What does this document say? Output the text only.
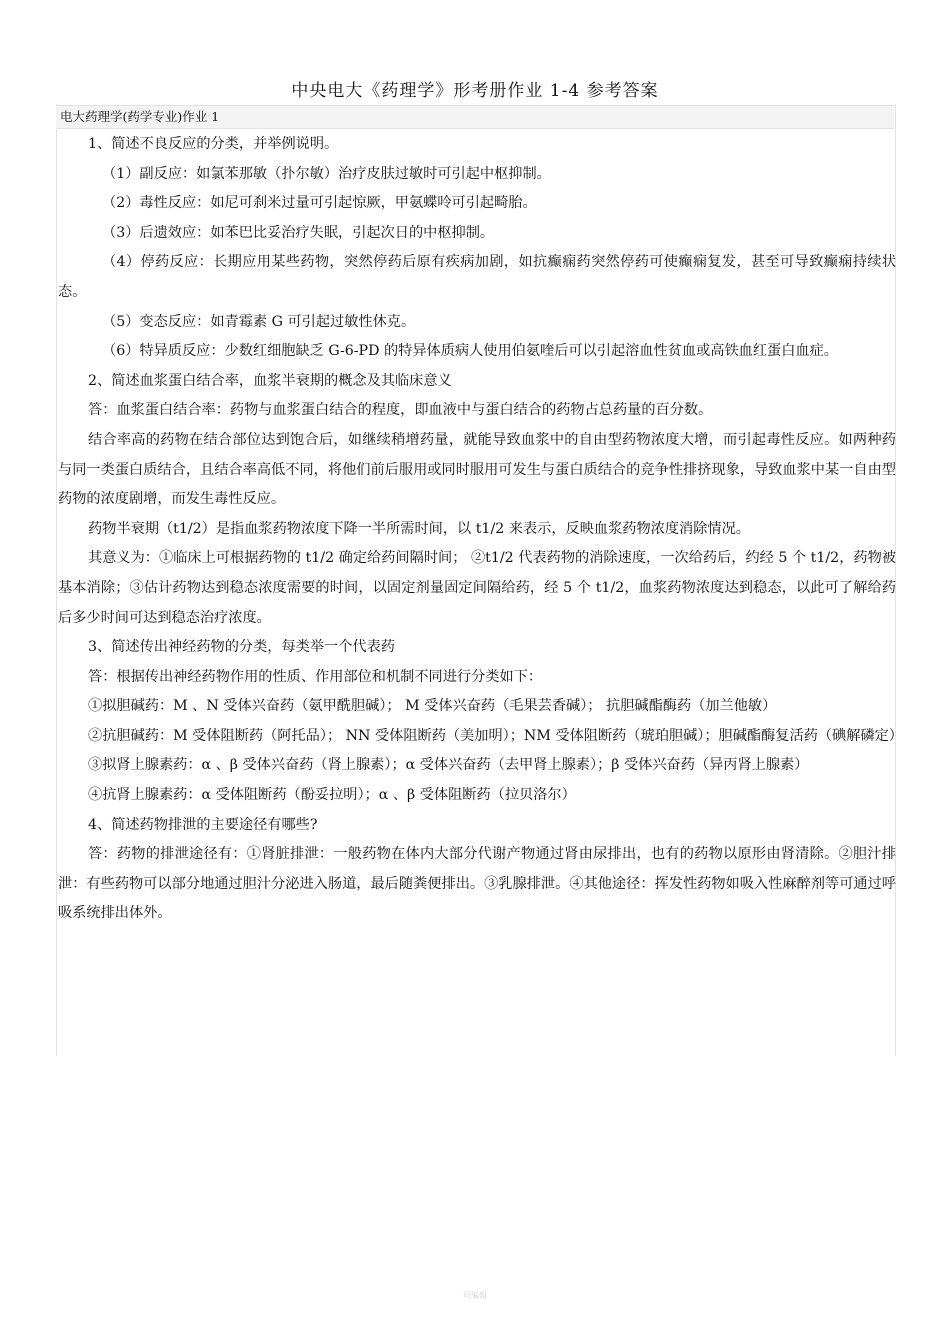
中央电大《药理学》形考册作业 1-4 参考答案
电大药理学(药学专业)作业 1

1、简述不良反应的分类，并举例说明。

（1）副反应：如氯苯那敏（扑尔敏）治疗皮肤过敏时可引起中枢抑制。

（2）毒性反应：如尼可刹米过量可引起惊厥，甲氨蝶呤可引起畸胎。

（3）后遗效应：如苯巴比妥治疗失眠，引起次日的中枢抑制。

（4）停药反应：长期应用某些药物，突然停药后原有疾病加剧，如抗癫痫药突然停药可使癫痫复发，甚至可导致癫痫持续状态。

（5）变态反应：如青霉素 G 可引起过敏性休克。

（6）特异质反应：少数红细胞缺乏 G-6-PD 的特异体质病人使用伯氨喹后可以引起溶血性贫血或高铁血红蛋白血症。

2、简述血浆蛋白结合率，血浆半衰期的概念及其临床意义

答：血浆蛋白结合率：药物与血浆蛋白结合的程度，即血液中与蛋白结合的药物占总药量的百分数。

结合率高的药物在结合部位达到饱合后，如继续稍增药量，就能导致血浆中的自由型药物浓度大增，而引起毒性反应。如两种药与同一类蛋白质结合，且结合率高低不同，将他们前后服用或同时服用可发生与蛋白质结合的竞争性排挤现象，导致血浆中某一自由型药物的浓度剧增，而发生毒性反应。

药物半衰期（t1/2）是指血浆药物浓度下降一半所需时间，以 t1/2 来表示，反映血浆药物浓度消除情况。

其意义为：①临床上可根据药物的 t1/2 确定给药间隔时间； ②t1/2 代表药物的消除速度，一次给药后，约经 5 个 t1/2，药物被基本消除；③估计药物达到稳态浓度需要的时间，以固定剂量固定间隔给药，经 5 个 t1/2，血浆药物浓度达到稳态，以此可了解给药后多少时间可达到稳态治疗浓度。

3、简述传出神经药物的分类，每类举一个代表药

答：根据传出神经药物作用的性质、作用部位和机制不同进行分类如下：

①拟胆碱药：M 、N 受体兴奋药（氨甲酰胆碱）； M 受体兴奋药（毛果芸香碱）； 抗胆碱酯酶药（加兰他敏）

②抗胆碱药：M 受体阻断药（阿托品）； NN 受体阻断药（美加明）；NM 受体阻断药（琥珀胆碱）；胆碱酯酶复活药（碘解磷定）

③拟肾上腺素药：α 、β 受体兴奋药（肾上腺素）；α 受体兴奋药（去甲肾上腺素）；β 受体兴奋药（异丙肾上腺素）

④抗肾上腺素药：α 受体阻断药（酚妥拉明）；α 、β 受体阻断药（拉贝洛尔）

4、简述药物排泄的主要途径有哪些?

答：药物的排泄途径有：①肾脏排泄：一般药物在体内大部分代谢产物通过肾由尿排出，也有的药物以原形由肾清除。②胆汁排泄：有些药物可以部分地通过胆汁分泌进入肠道，最后随粪便排出。③乳腺排泄。④其他途径：挥发性药物如吸入性麻醉剂等可通过呼吸系统排出体外。

可编辑
